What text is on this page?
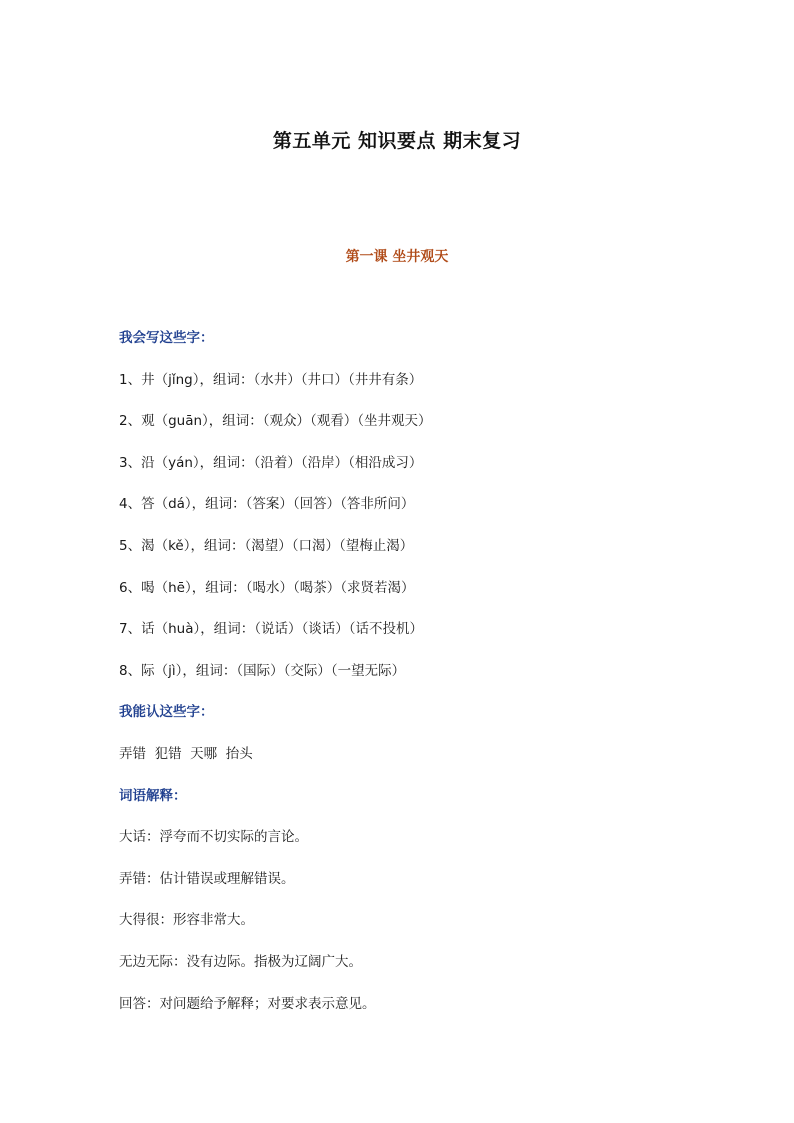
第五单元 知识要点 期末复习
第一课 坐井观天
我会写这些字：
1、井（jǐng），组词：（水井）（井口）（井井有条）
2、观（guān），组词：（观众）（观看）（坐井观天）
3、沿（yán），组词：（沿着）（沿岸）（相沿成习）
4、答（dá），组词：（答案）（回答）（答非所问）
5、渴（kě），组词：（渴望）（口渴）（望梅止渴）
6、喝（hē），组词：（喝水）（喝茶）（求贤若渴）
7、话（huà），组词：（说话）（谈话）（话不投机）
8、际（jì），组词：（国际）（交际）（一望无际）
我能认这些字：
弄错  犯错  天哪  抬头
词语解释：
大话：浮夸而不切实际的言论。
弄错：估计错误或理解错误。
大得很：形容非常大。
无边无际：没有边际。指极为辽阔广大。
回答：对问题给予解释；对要求表示意见。
